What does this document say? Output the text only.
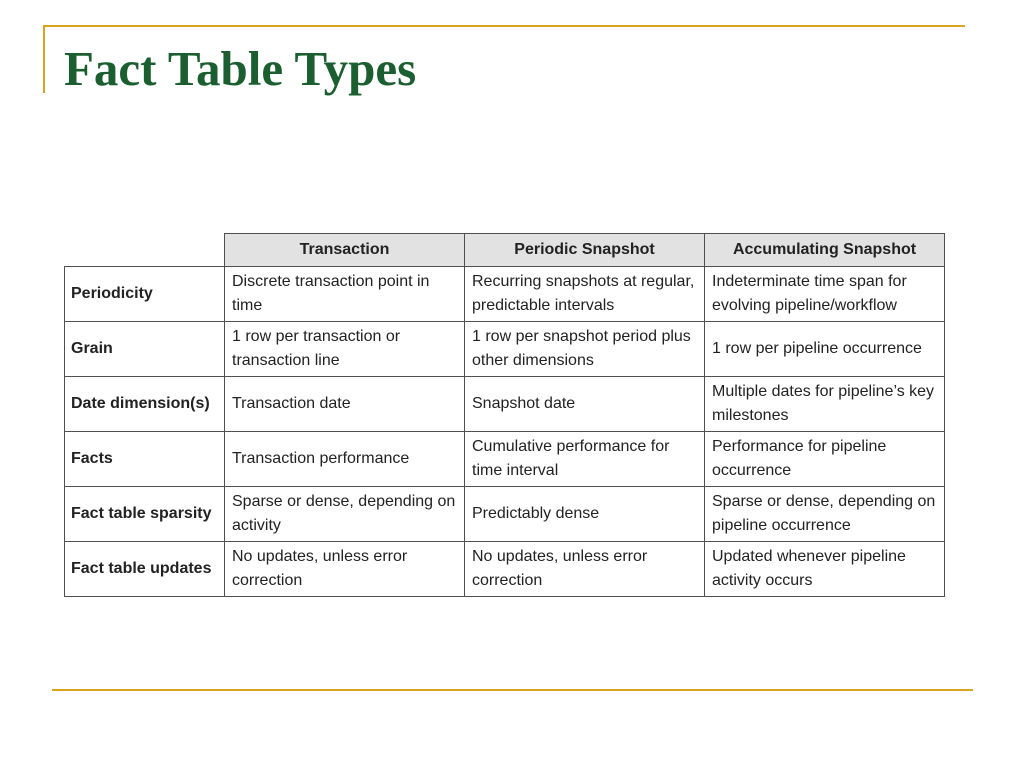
Fact Table Types
	Transaction	Periodic Snapshot	Accumulating Snapshot
Periodicity	Discrete transaction point in time	Recurring snapshots at regular, predictable intervals	Indeterminate time span for evolving pipeline/workflow
Grain	1 row per transaction or transaction line	1 row per snapshot period plus other dimensions	1 row per pipeline occurrence
Date dimension(s)	Transaction date	Snapshot date	Multiple dates for pipeline’s key milestones
Facts	Transaction performance	Cumulative performance for time interval	Performance for pipeline occurrence
Fact table sparsity	Sparse or dense, depending on activity	Predictably dense	Sparse or dense, depending on pipeline occurrence
Fact table updates	No updates, unless error correction	No updates, unless error correction	Updated whenever pipeline activity occurs
